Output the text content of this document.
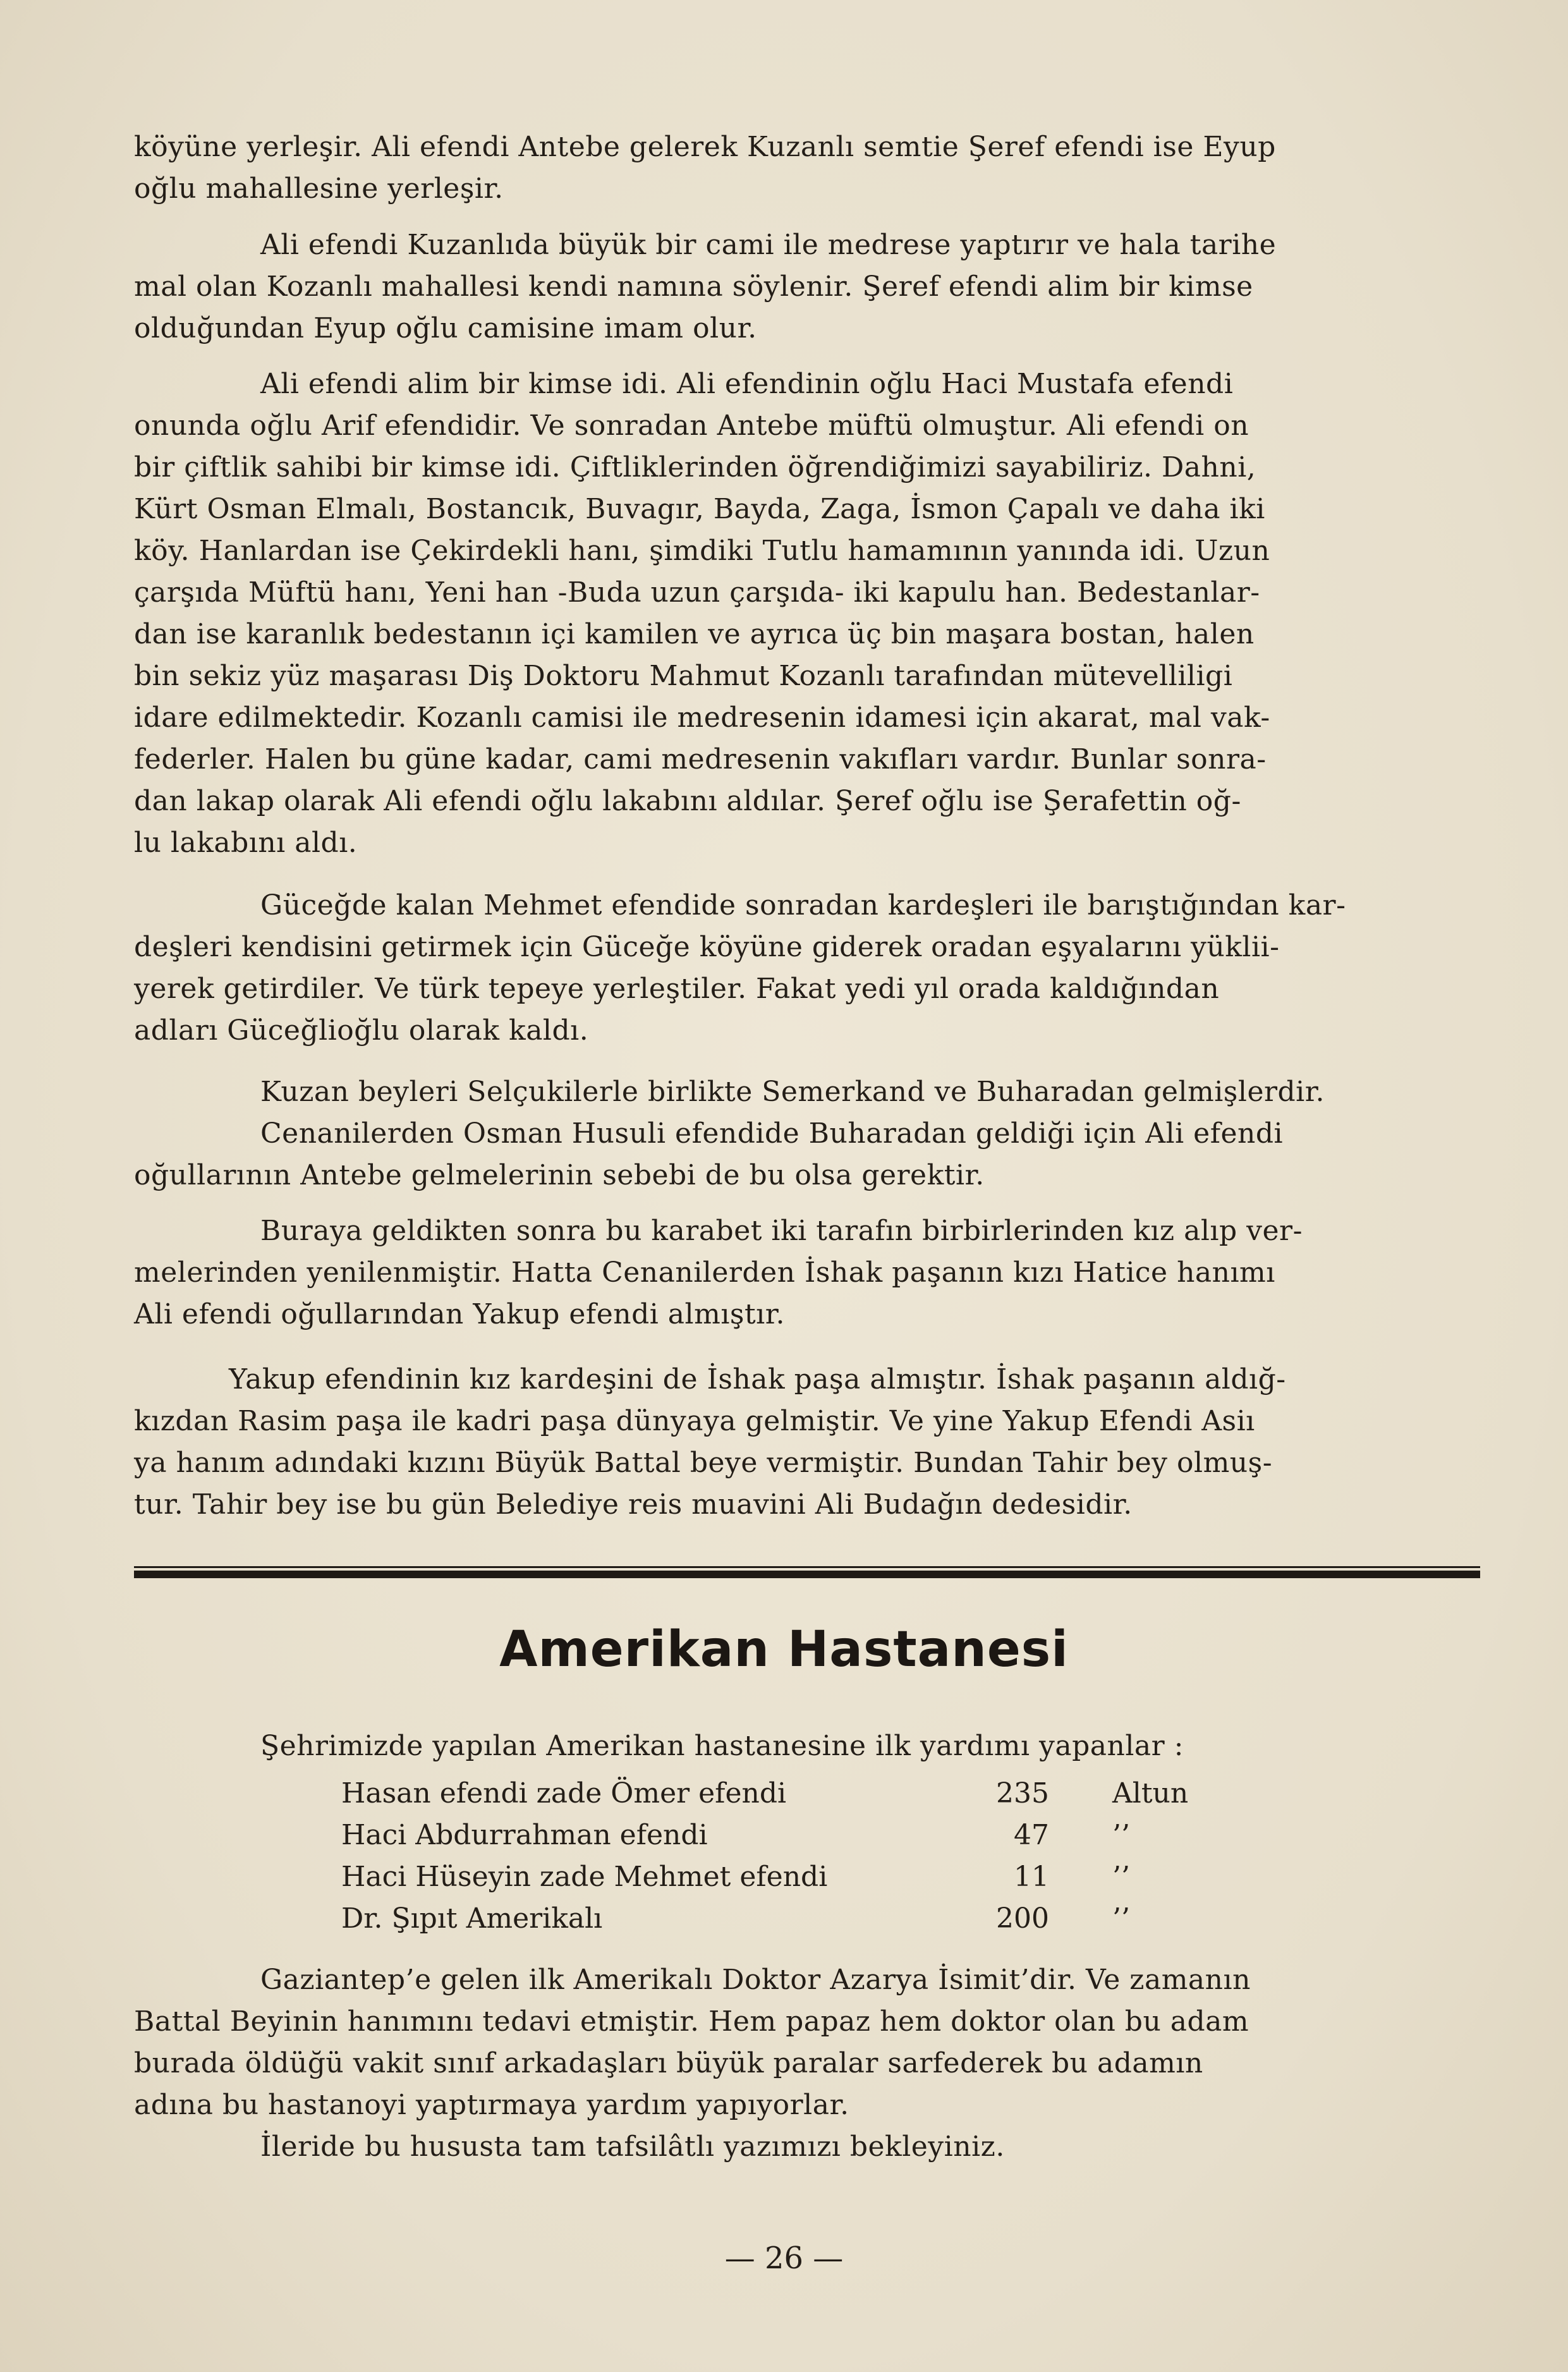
köyüne yerleşir. Ali efendi Antebe gelerek Kuzanlı semtie Şeref efendi ise Eyup
oğlu mahallesine yerleşir.

Ali efendi Kuzanlıda büyük bir cami ile medrese yaptırır ve hala tarihe
mal olan Kozanlı mahallesi kendi namına söylenir. Şeref efendi alim bir kimse
olduğundan Eyup oğlu camisine imam olur.

Ali efendi alim bir kimse idi. Ali efendinin oğlu Haci Mustafa efendi
onunda oğlu Arif efendidir. Ve sonradan Antebe müftü olmuştur. Ali efendi on
bir çiftlik sahibi bir kimse idi. Çiftliklerinden öğrendiğimizi sayabiliriz. Dahni,
Kürt Osman Elmalı, Bostancık, Buvagır, Bayda, Zaga, İsmon Çapalı ve daha iki
köy. Hanlardan ise Çekirdekli hanı, şimdiki Tutlu hamamının yanında idi. Uzun
çarşıda Müftü hanı, Yeni han -Buda uzun çarşıda- iki kapulu han. Bedestanlar-
dan ise karanlık bedestanın içi kamilen ve ayrıca üç bin maşara bostan, halen
bin sekiz yüz maşarası Diş Doktoru Mahmut Kozanlı tarafından mütevelliligi
idare edilmektedir. Kozanlı camisi ile medresenin idamesi için akarat, mal vak-
federler. Halen bu güne kadar, cami medresenin vakıfları vardır. Bunlar sonra-
dan lakap olarak Ali efendi oğlu lakabını aldılar. Şeref oğlu ise Şerafettin oğ-
lu lakabını aldı.

Güceğde kalan Mehmet efendide sonradan kardeşleri ile barıştığından kar-
deşleri kendisini getirmek için Güceğe köyüne giderek oradan eşyalarını yüklii-
yerek getirdiler. Ve türk tepeye yerleştiler. Fakat yedi yıl orada kaldığından
adları Güceğlioğlu olarak kaldı.

Kuzan beyleri Selçukilerle birlikte Semerkand ve Buharadan gelmişlerdir.
Cenanilerden Osman Husuli efendide Buharadan geldiği için Ali efendi
oğullarının Antebe gelmelerinin sebebi de bu olsa gerektir.

Buraya geldikten sonra bu karabet iki tarafın birbirlerinden kız alıp ver-
melerinden yenilenmiştir. Hatta Cenanilerden İshak paşanın kızı Hatice hanımı
Ali efendi oğullarından Yakup efendi almıştır.

Yakup efendinin kız kardeşini de İshak paşa almıştır. İshak paşanın aldığ-
kızdan Rasim paşa ile kadri paşa dünyaya gelmiştir. Ve yine Yakup Efendi Asiı
ya hanım adındaki kızını Büyük Battal beye vermiştir. Bundan Tahir bey olmuş-
tur. Tahir bey ise bu gün Belediye reis muavini Ali Budağın dedesidir.

Amerikan Hastanesi

Şehrimizde yapılan Amerikan hastanesine ilk yardımı yapanlar :

Hasan efendi zade Ömer efendi	235	Altun
Haci Abdurrahman efendi	47	’’
Haci Hüseyin zade Mehmet efendi	11	’’
Dr. Şıpıt Amerikalı	200	’’

Gaziantep’e gelen ilk Amerikalı Doktor Azarya İsimit’dir. Ve zamanın
Battal Beyinin hanımını tedavi etmiştir. Hem papaz hem doktor olan bu adam
burada öldüğü vakit sınıf arkadaşları büyük paralar sarfederek bu adamın
adına bu hastanoyi yaptırmaya yardım yapıyorlar.
İleride bu hususta tam tafsilâtlı yazımızı bekleyiniz.

— 26 —
